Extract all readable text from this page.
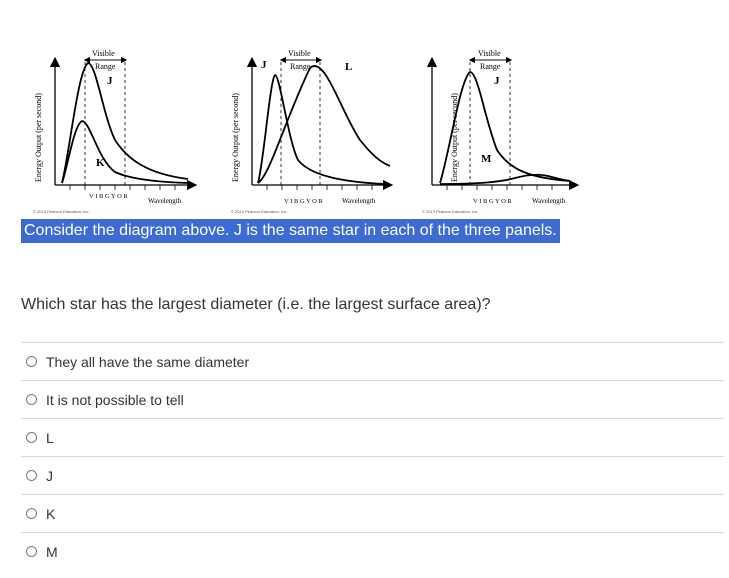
Energy Output (per second)
Visible
Range
V I B G Y O R
Wavelength
© 2013 Pearson Education, Inc.
J
K	Energy Output (per second)
Visible
Range
V I B G Y O R	Wavelength
© 2013 Pearson Education, Inc.
J	L
Energy Output (per second)
Visible
Range
V I B G Y O R	Wavelength
© 2013 Pearson Education, Inc.
J
M
Consider the diagram above. J is the same star in each of the three panels.
Which star has the largest diameter (i.e. the largest surface area)?
They all have the same diameter
It is not possible to tell
L
J
K
M
